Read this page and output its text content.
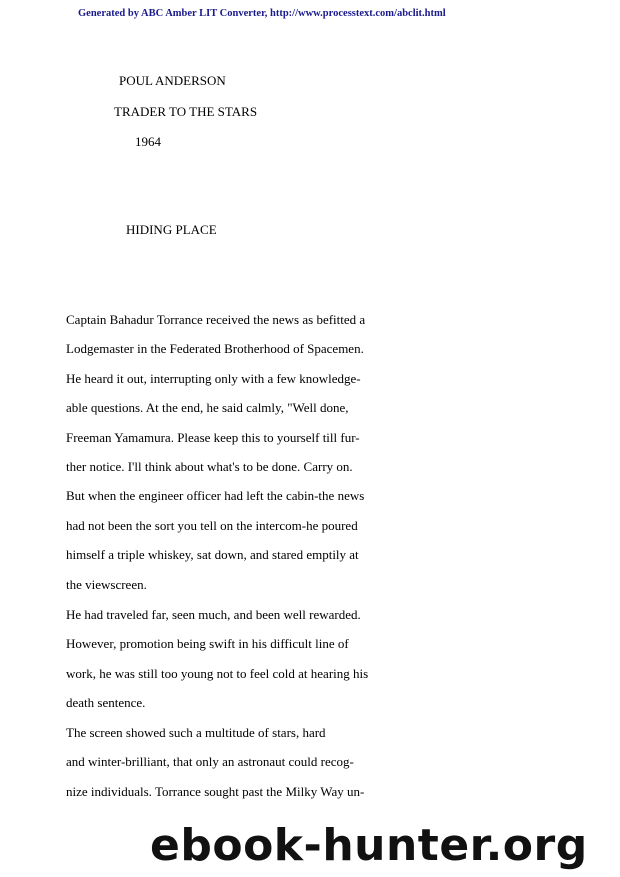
Generated by ABC Amber LIT Converter, http://www.processtext.com/abclit.html
POUL ANDERSON
TRADER TO THE STARS
1964
HIDING PLACE
Captain Bahadur Torrance received the news as befitted a
Lodgemaster in the Federated Brotherhood of Spacemen.
He heard it out, interrupting only with a few knowledge-
able questions. At the end, he said calmly, "Well done,
Freeman Yamamura. Please keep this to yourself till fur-
ther notice. I'll think about what's to be done. Carry on.
But when the engineer officer had left the cabin-the news
had not been the sort you tell on the intercom-he poured
himself a triple whiskey, sat down, and stared emptily at
the viewscreen.
He had traveled far, seen much, and been well rewarded.
However, promotion being swift in his difficult line of
work, he was still too young not to feel cold at hearing his
death sentence.
The screen showed such a multitude of stars, hard
and winter-brilliant, that only an astronaut could recog-
nize individuals. Torrance sought past the Milky Way un-
ebook-hunter.org
